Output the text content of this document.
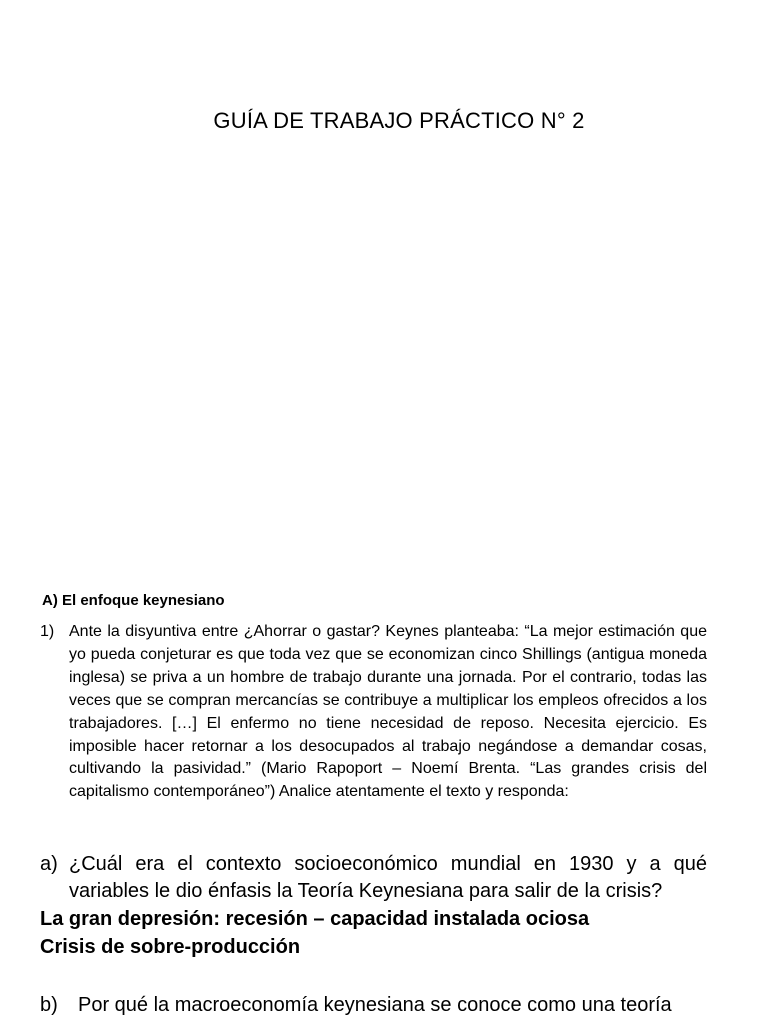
GUÍA DE TRABAJO PRÁCTICO N° 2
A) El enfoque keynesiano
1) Ante la disyuntiva entre ¿Ahorrar o gastar? Keynes planteaba: “La mejor estimación que yo pueda conjeturar es que toda vez que se economizan cinco Shillings (antigua moneda inglesa) se priva a un hombre de trabajo durante una jornada. Por el contrario, todas las veces que se compran mercancías se contribuye a multiplicar los empleos ofrecidos a los trabajadores. […] El enfermo no tiene necesidad de reposo. Necesita ejercicio. Es imposible hacer retornar a los desocupados al trabajo negándose a demandar cosas, cultivando la pasividad.” (Mario Rapoport – Noemí Brenta. “Las grandes crisis del capitalismo contemporáneo”) Analice atentamente el texto y responda:
a) ¿Cuál era el contexto socioeconómico mundial en 1930 y a qué variables le dio énfasis la Teoría Keynesiana para salir de la crisis?
La gran depresión: recesión – capacidad instalada ociosa
Crisis de sobre-producción
b) Por qué la macroeconomía keynesiana se conoce como una teoría
